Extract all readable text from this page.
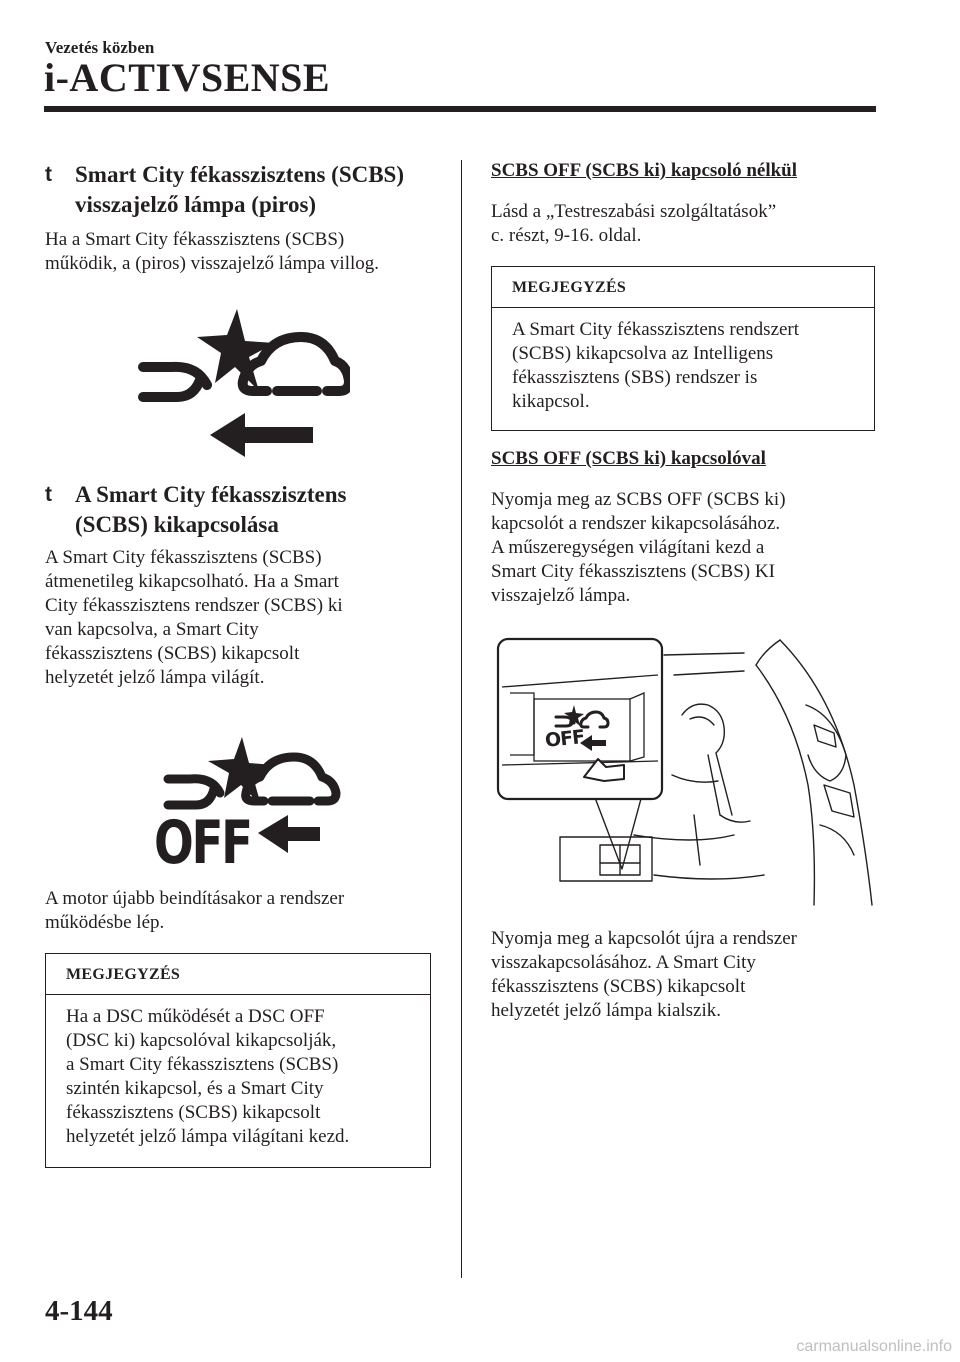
Vezetés közben
i-ACTIVSENSE
t	Smart City fékasszisztens (SCBS)
visszajelző lámpa (piros)
Ha a Smart City fékasszisztens (SCBS)
működik, a (piros) visszajelző lámpa villog.
t	A Smart City fékasszisztens
(SCBS) kikapcsolása
A Smart City fékasszisztens (SCBS)
átmenetileg kikapcsolható. Ha a Smart
City fékasszisztens rendszer (SCBS) ki
van kapcsolva, a Smart City
fékasszisztens (SCBS) kikapcsolt
helyzetét jelző lámpa világít.
OFF
A motor újabb beindításakor a rendszer
működésbe lép.
MEGJEGYZÉS
Ha a DSC működését a DSC OFF
(DSC ki) kapcsolóval kikapcsolják,
a Smart City fékasszisztens (SCBS)
szintén kikapcsol, és a Smart City
fékasszisztens (SCBS) kikapcsolt
helyzetét jelző lámpa világítani kezd.
SCBS OFF (SCBS ki) kapcsoló nélkül
Lásd a „Testreszabási szolgáltatások”
c. részt, 9-16. oldal.
MEGJEGYZÉS
A Smart City fékasszisztens rendszert
(SCBS) kikapcsolva az Intelligens
fékasszisztens (SBS) rendszer is
kikapcsol.
SCBS OFF (SCBS ki) kapcsolóval
Nyomja meg az SCBS OFF (SCBS ki)
kapcsolót a rendszer kikapcsolásához.
A műszeregységen világítani kezd a
Smart City fékasszisztens (SCBS) KI
visszajelző lámpa.
OFF
Nyomja meg a kapcsolót újra a rendszer
visszakapcsolásához. A Smart City
fékasszisztens (SCBS) kikapcsolt
helyzetét jelző lámpa kialszik.
4-144
carmanualsonline.info
